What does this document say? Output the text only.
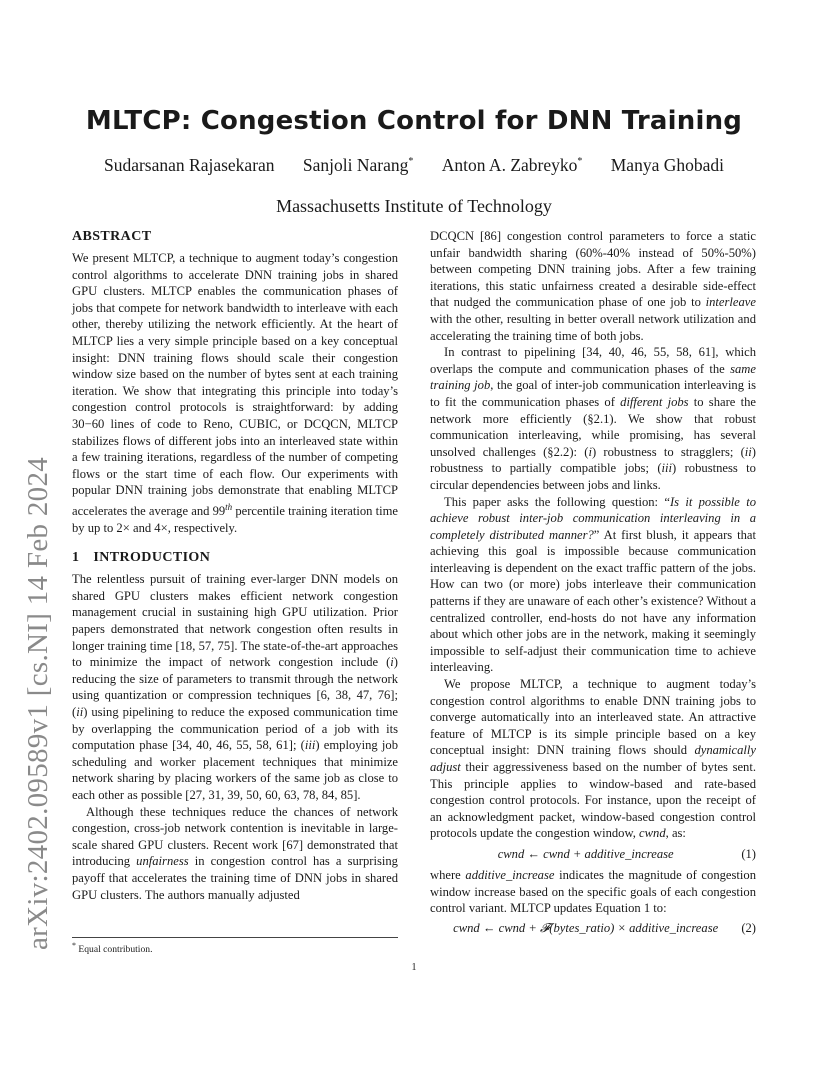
MLTCP: Congestion Control for DNN Training
Sudarsanan Rajasekaran Sanjoli Narang* Anton A. Zabreyko* Manya Ghobadi
Massachusetts Institute of Technology
arXiv:2402.09589v1 [cs.NI] 14 Feb 2024
ABSTRACT

We present MLTCP, a technique to augment today’s congestion control algorithms to accelerate DNN training jobs in shared GPU clusters. MLTCP enables the communication phases of jobs that compete for network bandwidth to interleave with each other, thereby utilizing the network efficiently. At the heart of MLTCP lies a very simple principle based on a key conceptual insight: DNN training flows should scale their congestion window size based on the number of bytes sent at each training iteration. We show that integrating this principle into today’s congestion control protocols is straightforward: by adding 30−60 lines of code to Reno, CUBIC, or DCQCN, MLTCP stabilizes flows of different jobs into an interleaved state within a few training iterations, regardless of the number of competing flows or the start time of each flow. Our experiments with popular DNN training jobs demonstrate that enabling MLTCP accelerates the average and 99th percentile training iteration time by up to 2× and 4×, respectively.

1 INTRODUCTION

The relentless pursuit of training ever-larger DNN models on shared GPU clusters makes efficient network congestion management crucial in sustaining high GPU utilization. Prior papers demonstrated that network congestion often results in longer training time [18, 57, 75]. The state-of-the-art approaches to minimize the impact of network congestion include (i) reducing the size of parameters to transmit through the network using quantization or compression techniques [6, 38, 47, 76]; (ii) using pipelining to reduce the exposed communication time by overlapping the communication period of a job with its computation phase [34, 40, 46, 55, 58, 61]; (iii) employing job scheduling and worker placement techniques that minimize network sharing by placing workers of the same job as close to each other as possible [27, 31, 39, 50, 60, 63, 78, 84, 85].

Although these techniques reduce the chances of network congestion, cross-job network contention is inevitable in large-scale shared GPU clusters. Recent work [67] demonstrated that introducing unfairness in congestion control has a surprising payoff that accelerates the training time of DNN jobs in shared GPU clusters. The authors manually adjusted

DCQCN [86] congestion control parameters to force a static unfair bandwidth sharing (60%-40% instead of 50%-50%) between competing DNN training jobs. After a few training iterations, this static unfairness created a desirable side-effect that nudged the communication phase of one job to interleave with the other, resulting in better overall network utilization and accelerating the training time of both jobs.

In contrast to pipelining [34, 40, 46, 55, 58, 61], which overlaps the compute and communication phases of the same training job, the goal of inter-job communication interleaving is to fit the communication phases of different jobs to share the network more efficiently (§2.1). We show that robust communication interleaving, while promising, has several unsolved challenges (§2.2): (i) robustness to stragglers; (ii) robustness to partially compatible jobs; (iii) robustness to circular dependencies between jobs and links.

This paper asks the following question: “Is it possible to achieve robust inter-job communication interleaving in a completely distributed manner?” At first blush, it appears that achieving this goal is impossible because communication interleaving is dependent on the exact traffic pattern of the jobs. How can two (or more) jobs interleave their communication patterns if they are unaware of each other’s existence? Without a centralized controller, end-hosts do not have any information about which other jobs are in the network, making it seemingly impossible to self-adjust their communication time to achieve interleaving.

We propose MLTCP, a technique to augment today’s congestion control algorithms to enable DNN training jobs to converge automatically into an interleaved state. An attractive feature of MLTCP is its simple principle based on a key conceptual insight: DNN training flows should dynamically adjust their aggressiveness based on the number of bytes sent. This principle applies to window-based and rate-based congestion control protocols. For instance, upon the receipt of an acknowledgment packet, window-based congestion control protocols update the congestion window, cwnd, as:

cwnd ← cwnd + additive_increase	(1)

where additive_increase indicates the magnitude of congestion window increase based on the specific goals of each congestion control variant. MLTCP updates Equation 1 to:

cwnd ← cwnd + 𝓕(bytes_ratio) × additive_increase	(2)
* Equal contribution.
1
